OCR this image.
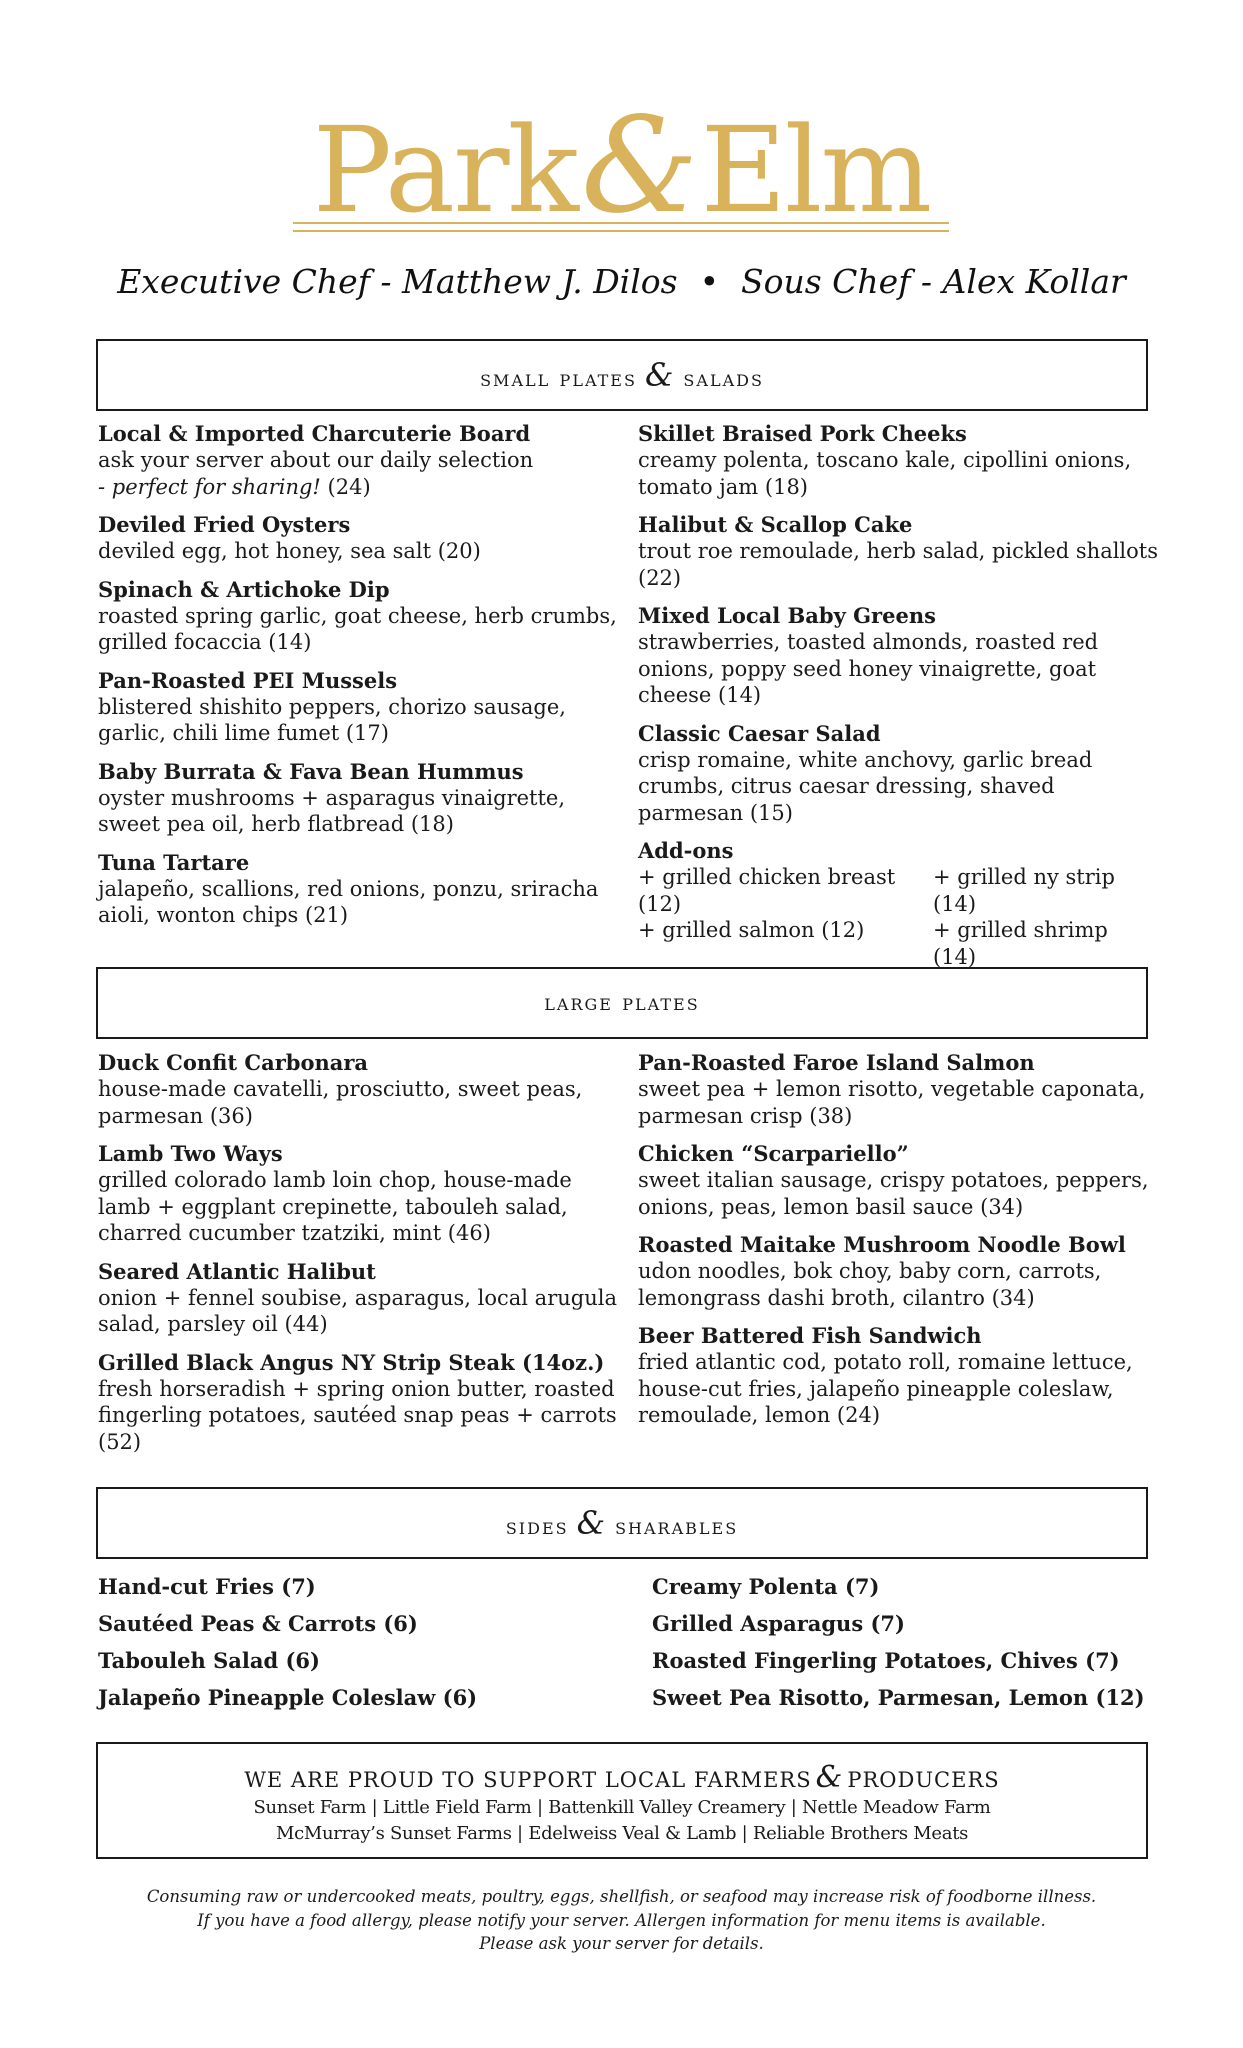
Park&Elm
Executive Chef - Matthew J. Dilos • Sous Chef - Alex Kollar
small plates & salads
Local & Imported Charcuterie Board
ask your server about our daily selection
- perfect for sharing! (24)
Deviled Fried Oysters
deviled egg, hot honey, sea salt (20)
Spinach & Artichoke Dip
roasted spring garlic, goat cheese, herb crumbs, grilled focaccia (14)
Pan-Roasted PEI Mussels
blistered shishito peppers, chorizo sausage, garlic, chili lime fumet (17)
Baby Burrata & Fava Bean Hummus
oyster mushrooms + asparagus vinaigrette, sweet pea oil, herb flatbread (18)
Tuna Tartare
jalapeño, scallions, red onions, ponzu, sriracha aioli, wonton chips (21)
Skillet Braised Pork Cheeks
creamy polenta, toscano kale, cipollini onions, tomato jam (18)
Halibut & Scallop Cake
trout roe remoulade, herb salad, pickled shallots (22)
Mixed Local Baby Greens
strawberries, toasted almonds, roasted red onions, poppy seed honey vinaigrette, goat cheese (14)
Classic Caesar Salad
crisp romaine, white anchovy, garlic bread crumbs, citrus caesar dressing, shaved parmesan (15)
Add-ons
+ grilled chicken breast (12)
+ grilled ny strip (14)
+ grilled salmon (12)	+ grilled shrimp (14)
large plates
Duck Confit Carbonara
house-made cavatelli, prosciutto, sweet peas, parmesan (36)
Lamb Two Ways
grilled colorado lamb loin chop, house-made lamb + eggplant crepinette, tabouleh salad, charred cucumber tzatziki, mint (46)
Seared Atlantic Halibut
onion + fennel soubise, asparagus, local arugula salad, parsley oil (44)
Grilled Black Angus NY Strip Steak (14oz.)
fresh horseradish + spring onion butter, roasted fingerling potatoes, sautéed snap peas + carrots (52)
Pan-Roasted Faroe Island Salmon
sweet pea + lemon risotto, vegetable caponata, parmesan crisp (38)
Chicken “Scarpariello”
sweet italian sausage, crispy potatoes, peppers, onions, peas, lemon basil sauce (34)
Roasted Maitake Mushroom Noodle Bowl
udon noodles, bok choy, baby corn, carrots, lemongrass dashi broth, cilantro (34)
Beer Battered Fish Sandwich
fried atlantic cod, potato roll, romaine lettuce, house-cut fries, jalapeño pineapple coleslaw, remoulade, lemon (24)
sides & sharables
Hand-cut Fries (7)
Sautéed Peas & Carrots (6)
Tabouleh Salad (6)
Jalapeño Pineapple Coleslaw (6)
Creamy Polenta (7)
Grilled Asparagus (7)
Roasted Fingerling Potatoes, Chives (7)
Sweet Pea Risotto, Parmesan, Lemon (12)
WE ARE PROUD TO SUPPORT LOCAL FARMERS & PRODUCERS
Sunset Farm | Little Field Farm | Battenkill Valley Creamery | Nettle Meadow Farm
McMurray’s Sunset Farms | Edelweiss Veal & Lamb | Reliable Brothers Meats
Consuming raw or undercooked meats, poultry, eggs, shellfish, or seafood may increase risk of foodborne illness.
If you have a food allergy, please notify your server. Allergen information for menu items is available.
Please ask your server for details.
